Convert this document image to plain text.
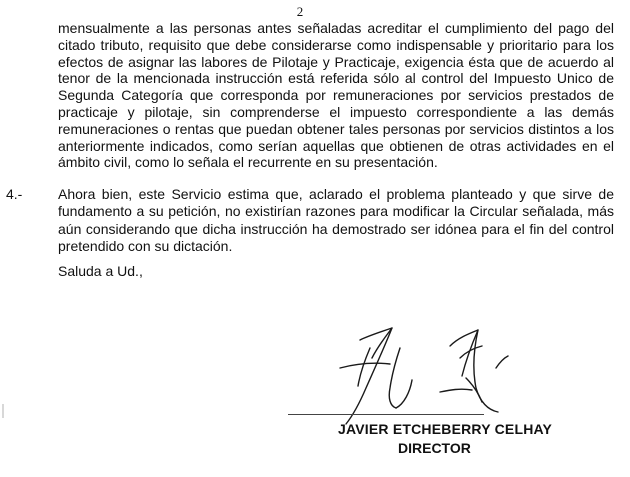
2
mensualmente a las personas antes señaladas acreditar el cumplimiento del pago del citado tributo, requisito que debe considerarse como indispensable y prioritario para los efectos de asignar las labores de Pilotaje y Practicaje, exigencia ésta que de acuerdo al tenor de la mencionada instrucción está referida sólo al control del Impuesto Unico de Segunda Categoría que corresponda por remuneraciones por servicios prestados de practicaje y pilotaje, sin comprenderse el impuesto correspondiente a las demás remuneraciones o rentas que puedan obtener tales personas por servicios distintos a los anteriormente indicados, como serían aquellas que obtienen de otras actividades en el ámbito civil, como lo señala el recurrente en su presentación.
4.-	Ahora bien, este Servicio estima que, aclarado el problema planteado y que sirve de fundamento a su petición, no existirían razones para modificar la Circular señalada, más aún considerando que dicha instrucción ha demostrado ser idónea para el fin del control pretendido con su dictación.
Saluda a Ud.,
JAVIER ETCHEBERRY CELHAY
DIRECTOR
